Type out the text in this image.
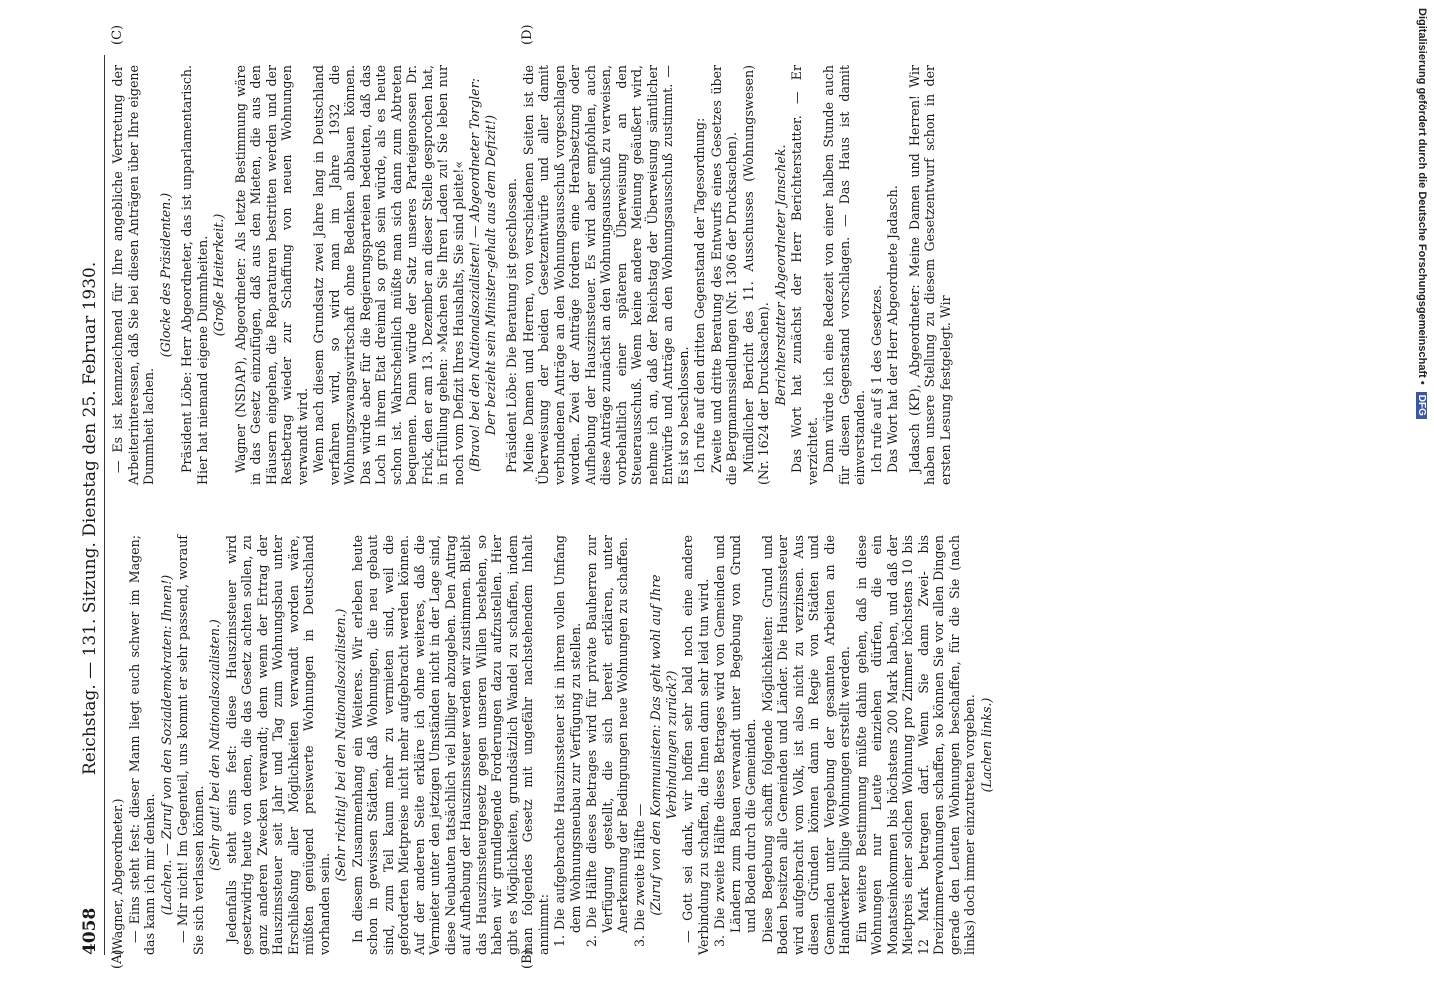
4058
Reichstag. — 131. Sitzung. Dienstag den 25. Februar 1930.
(A)	(B)
(C)	(D)

(Wagner, Abgeordneter.) — Eins steht fest: dieser Mann liegt euch schwer im Magen; das kann ich mir denken. (Lachen. — Zuruf von den Sozialdemokraten: Ihnen!) — Mir nicht! Im Gegenteil, uns kommt er sehr passend, worauf Sie sich verlassen können. (Sehr gut! bei den Nationalsozialisten.) Jedenfalls steht eins fest: diese Hauszinssteuer wird gesetzwidrig heute von denen, die das Gesetz achten sollen, zu ganz anderen Zwecken verwandt; denn wenn der Ertrag der Hauszinssteuer seit Jahr und Tag zum Wohnungsbau unter Erschließung aller Möglichkeiten verwandt worden wäre, müßten genügend preiswerte Wohnungen in Deutschland vorhanden sein.

(Sehr richtig! bei den Nationalsozialisten.) In diesem Zusammenhang ein Weiteres. Wir erleben heute schon in gewissen Städten, daß Wohnungen, die neu gebaut sind, zum Teil kaum mehr zu vermieten sind, weil die geforderten Mietpreise nicht mehr aufgebracht werden können. Auf der anderen Seite erkläre ich ohne weiteres, daß die Vermieter unter den jetzigen Umständen nicht in der Lage sind, diese Neubauten tatsächlich viel billiger abzugeben. Den Antrag auf Aufhebung der Hauszinssteuer werden wir zustimmen. Bleibt das Hauszinssteuergesetz gegen unseren Willen bestehen, so haben wir grundlegende Forderungen dazu aufzustellen. Hier gibt es Möglichkeiten, grundsätzlich Wandel zu schaffen, indem man folgendes Gesetz mit ungefähr nachstehendem Inhalt annimmt: 1. Die aufgebrachte Hauszinssteuer ist in ihrem vollen Umfang dem Wohnungsneubau zur Verfügung zu stellen. 2. Die Hälfte dieses Betrages wird für private Bauherren zur Verfügung gestellt, die sich bereit erklären, unter Anerkennung der Bedingungen neue Wohnungen zu schaffen. 3. Die zweite Hälfte — (Zuruf von den Kommunisten: Das geht wohl auf Ihre Verbindungen zurück?) — Gott sei dank, wir hoffen sehr bald noch eine andere Verbindung zu schaffen, die Ihnen dann sehr leid tun wird. 3. Die zweite Hälfte dieses Betrages wird von Gemeinden und Ländern zum Bauen verwandt unter Begebung von Grund und Boden durch die Gemeinden. Diese Begebung schafft folgende Möglichkeiten: Grund und Boden besitzen alle Gemeinden und Länder. Die Hauszinssteuer wird aufgebracht vom Volk, ist also nicht zu verzinsen. Aus diesen Gründen können dann in Regie von Städten und Gemeinden unter Vergebung der gesamten Arbeiten an die Handwerker billige Wohnungen erstellt werden. Ein weitere Bestimmung müßte dahin gehen, daß in diese Wohnungen nur Leute einziehen dürfen, die ein Monatseinkommen bis höchstens 200 Mark haben, und daß der Mietpreis einer solchen Wohnung pro Zimmer höchstens 10 bis 12 Mark betragen darf. Wenn Sie dann Zwei- bis Dreizimmerwohnungen schaffen, so können Sie vor allen Dingen gerade den Leuten Wohnungen beschaffen, für die Sie (nach links) doch immer einzutreten vorgeben. (Lachen links.)

— Es ist kennzeichnend für Ihre angebliche Vertretung der Arbeiterinteressen, daß Sie bei diesen Anträgen über Ihre eigene Dummheit lachen.

(Glocke des Präsidenten.) Präsident Löbe: Herr Abgeordneter, das ist unparlamentarisch. Hier hat niemand eigene Dummheiten. (Große Heiterkeit.) Wagner (NSDAP), Abgeordneter: Als letzte Bestimmung wäre in das Gesetz einzufügen, daß aus den Mieten, die aus den Häusern eingehen, die Reparaturen bestritten werden und der Restbetrag wieder zur Schaffung von neuen Wohnungen verwandt wird. Wenn nach diesem Grundsatz zwei Jahre lang in Deutschland verfahren wird, so wird man im Jahre 1932 die Wohnungszwangswirtschaft ohne Bedenken abbauen können. Das würde aber für die Regierungsparteien bedeuten, daß das Loch in ihrem Etat dreimal so groß sein würde, als es heute schon ist. Wahrscheinlich müßte man sich dann zum Abtreten bequemen. Dann würde der Satz unseres Parteigenossen Dr. Frick, den er am 13. Dezember an dieser Stelle gesprochen hat, in Erfüllung gehen: »Machen Sie Ihren Laden zu! Sie leben nur noch vom Defizit Ihres Haushalts, Sie sind pleite!« (Bravo! bei den Nationalsozialisten! — Abgeordneter Torgler: Der bezieht sein Minister-gehalt aus dem Defizit!) Präsident Löbe: Die Beratung ist geschlossen. Meine Damen und Herren, von verschiedenen Seiten ist die Überweisung der beiden Gesetzentwürfe und aller damit verbundenen Anträge an den Wohnungsausschuß vorgeschlagen worden. Zwei der Anträge fordern eine Herabsetzung oder Aufhebung der Hauszinssteuer. Es wird aber empfohlen, auch diese Anträge zunächst an den Wohnungsausschuß zu verweisen, vorbehaltlich einer späteren Überweisung an den Steuerausschuß. Wenn keine andere Meinung geäußert wird, nehme ich an, daß der Reichstag der Überweisung sämtlicher Entwürfe und Anträge an den Wohnungsausschuß zustimmt. — Es ist so beschlossen. Ich rufe auf den dritten Gegenstand der Tagesordnung: Zweite und dritte Beratung des Entwurfs eines Gesetzes über die Bergmannssiedlungen (Nr. 1306 der Drucksachen). Mündlicher Bericht des 11. Ausschusses (Wohnungswesen) (Nr. 1624 der Drucksachen). Berichterstatter Abgeordneter Janschek. Das Wort hat zunächst der Herr Berichterstatter. — Er verzichtet. Dann würde ich eine Redezeit von einer halben Stunde auch für diesen Gegenstand vorschlagen. — Das Haus ist damit einverstanden. Ich rufe auf § 1 des Gesetzes. Das Wort hat der Herr Abgeordnete Jadasch. Jadasch (KP), Abgeordneter: Meine Damen und Herren! Wir haben unsere Stellung zu diesem Gesetzentwurf schon in der ersten Lesung festgelegt. Wir

Digitalisierung gefördert durch die Deutsche Forschungsgemeinschaft • DFG
